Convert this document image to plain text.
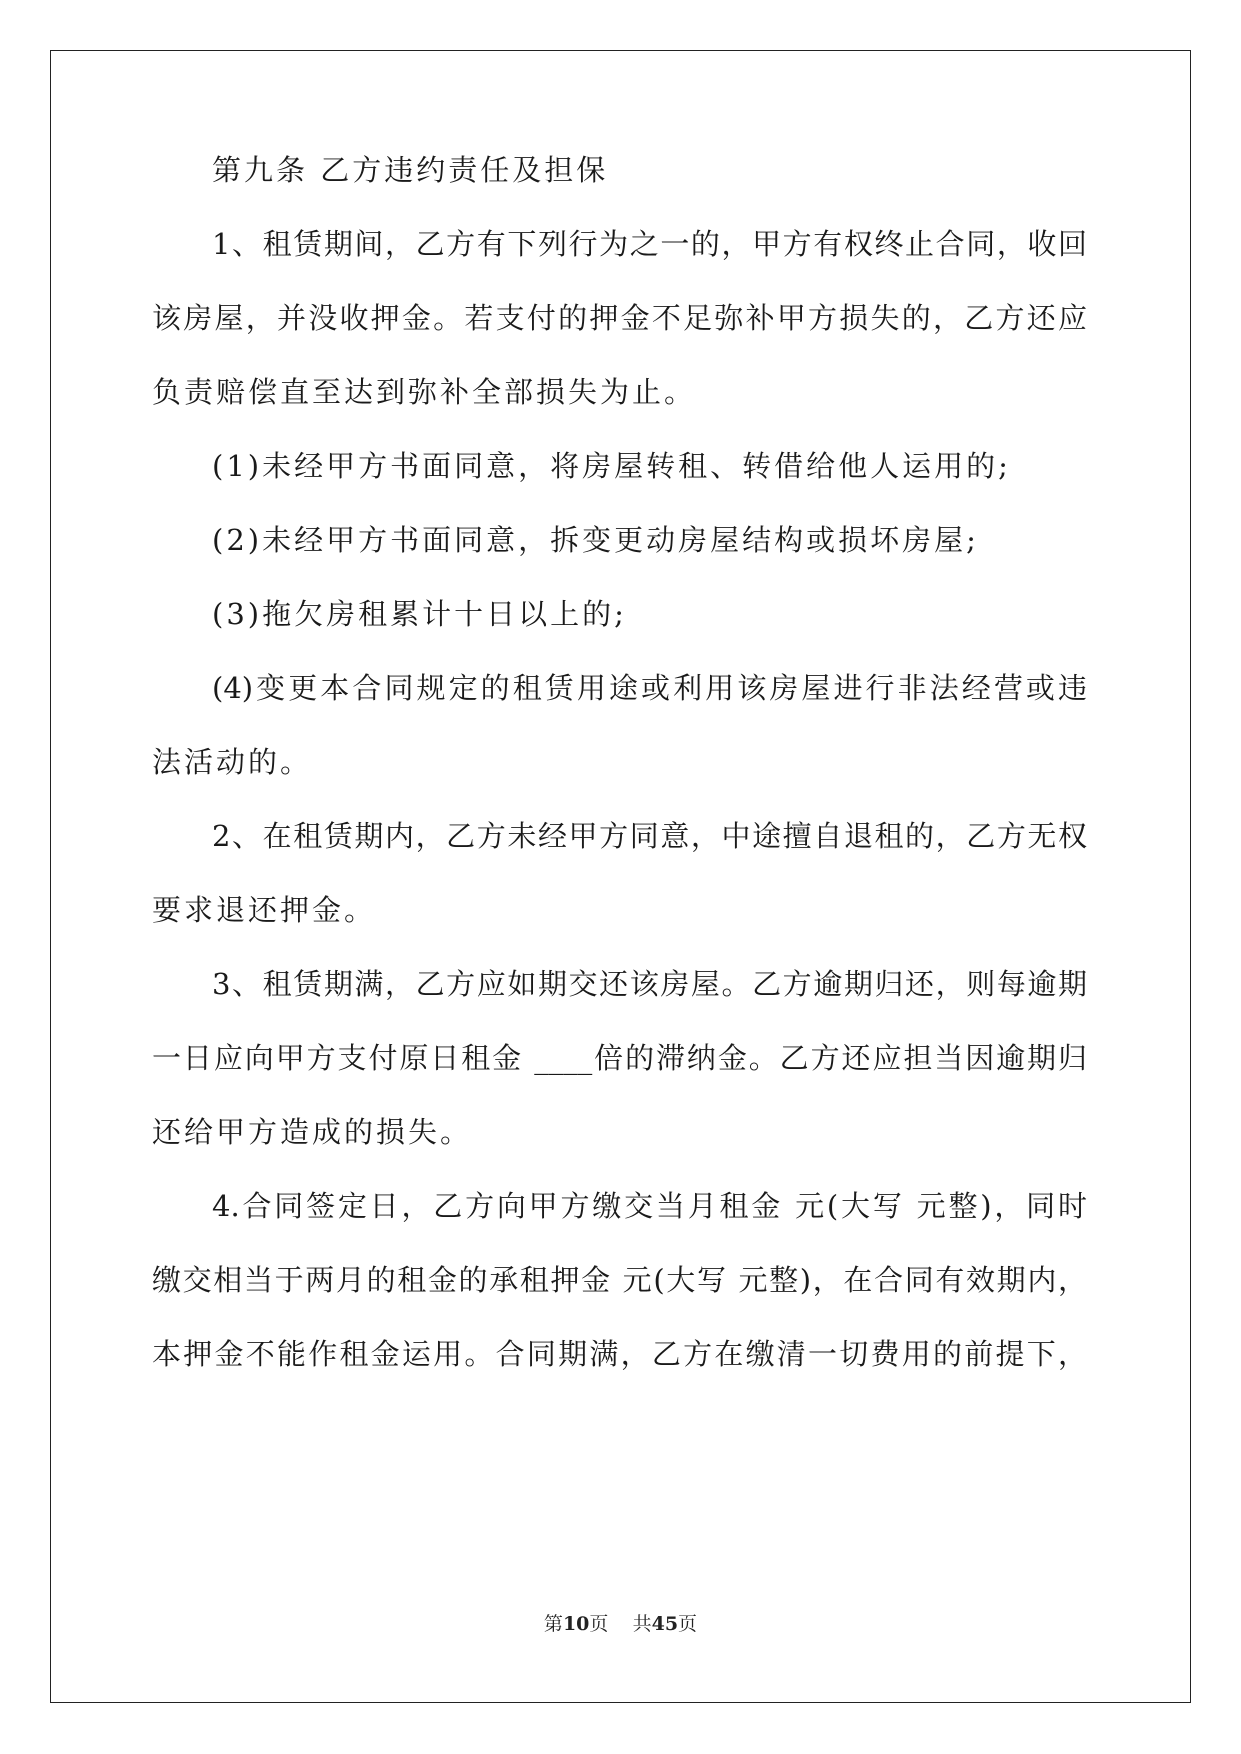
第九条 乙方违约责任及担保
1、租赁期间，乙方有下列行为之一的，甲方有权终止合同，收回
该房屋，并没收押金。若支付的押金不足弥补甲方损失的，乙方还应
负责赔偿直至达到弥补全部损失为止。
(1)未经甲方书面同意，将房屋转租、转借给他人运用的;
(2)未经甲方书面同意，拆变更动房屋结构或损坏房屋;
(3)拖欠房租累计十日以上的;
(4)变更本合同规定的租赁用途或利用该房屋进行非法经营或违
法活动的。
2、在租赁期内，乙方未经甲方同意，中途擅自退租的，乙方无权
要求退还押金。
3、租赁期满，乙方应如期交还该房屋。乙方逾期归还，则每逾期
一日应向甲方支付原日租金 ____倍的滞纳金。乙方还应担当因逾期归
还给甲方造成的损失。
4.合同签定日，乙方向甲方缴交当月租金 元(大写 元整)，同时
缴交相当于两月的租金的承租押金 元(大写 元整)，在合同有效期内，
本押金不能作租金运用。合同期满，乙方在缴清一切费用的前提下，
第10页 共45页
